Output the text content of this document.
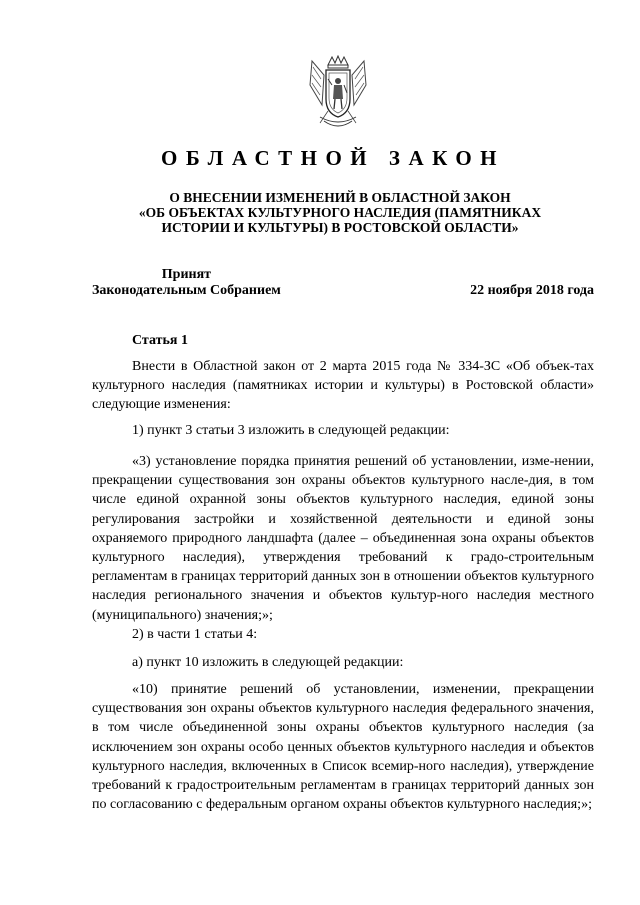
ОБЛАСТНОЙ ЗАКОН
О ВНЕСЕНИИ ИЗМЕНЕНИЙ В ОБЛАСТНОЙ ЗАКОН
«ОБ ОБЪЕКТАХ КУЛЬТУРНОГО НАСЛЕДИЯ (ПАМЯТНИКАХ
ИСТОРИИ И КУЛЬТУРЫ) В РОСТОВСКОЙ ОБЛАСТИ»
Принят
Законодательным Собранием	22 ноября 2018 года
Статья 1

Внести в Областной закон от 2 марта 2015 года № 334-ЗС «Об объек-тах культурного наследия (памятниках истории и культуры) в Ростовской области» следующие изменения:

1) пункт 3 статьи 3 изложить в следующей редакции:

«3) установление порядка принятия решений об установлении, изме-нении, прекращении существования зон охраны объектов культурного насле-дия, в том числе единой охранной зоны объектов культурного наследия, единой зоны регулирования застройки и хозяйственной деятельности и единой зоны охраняемого природного ландшафта (далее – объединенная зона охраны объектов культурного наследия), утверждения требований к градо-строительным регламентам в границах территорий данных зон в отношении объектов культурного наследия регионального значения и объектов культур-ного наследия местного (муниципального) значения;»;

2) в части 1 статьи 4:

а) пункт 10 изложить в следующей редакции:

«10) принятие решений об установлении, изменении, прекращении существования зон охраны объектов культурного наследия федерального значения, в том числе объединенной зоны охраны объектов культурного наследия (за исключением зон охраны особо ценных объектов культурного наследия и объектов культурного наследия, включенных в Список всемир-ного наследия), утверждение требований к градостроительным регламентам в границах территорий данных зон по согласованию с федеральным органом охраны объектов культурного наследия;»;
